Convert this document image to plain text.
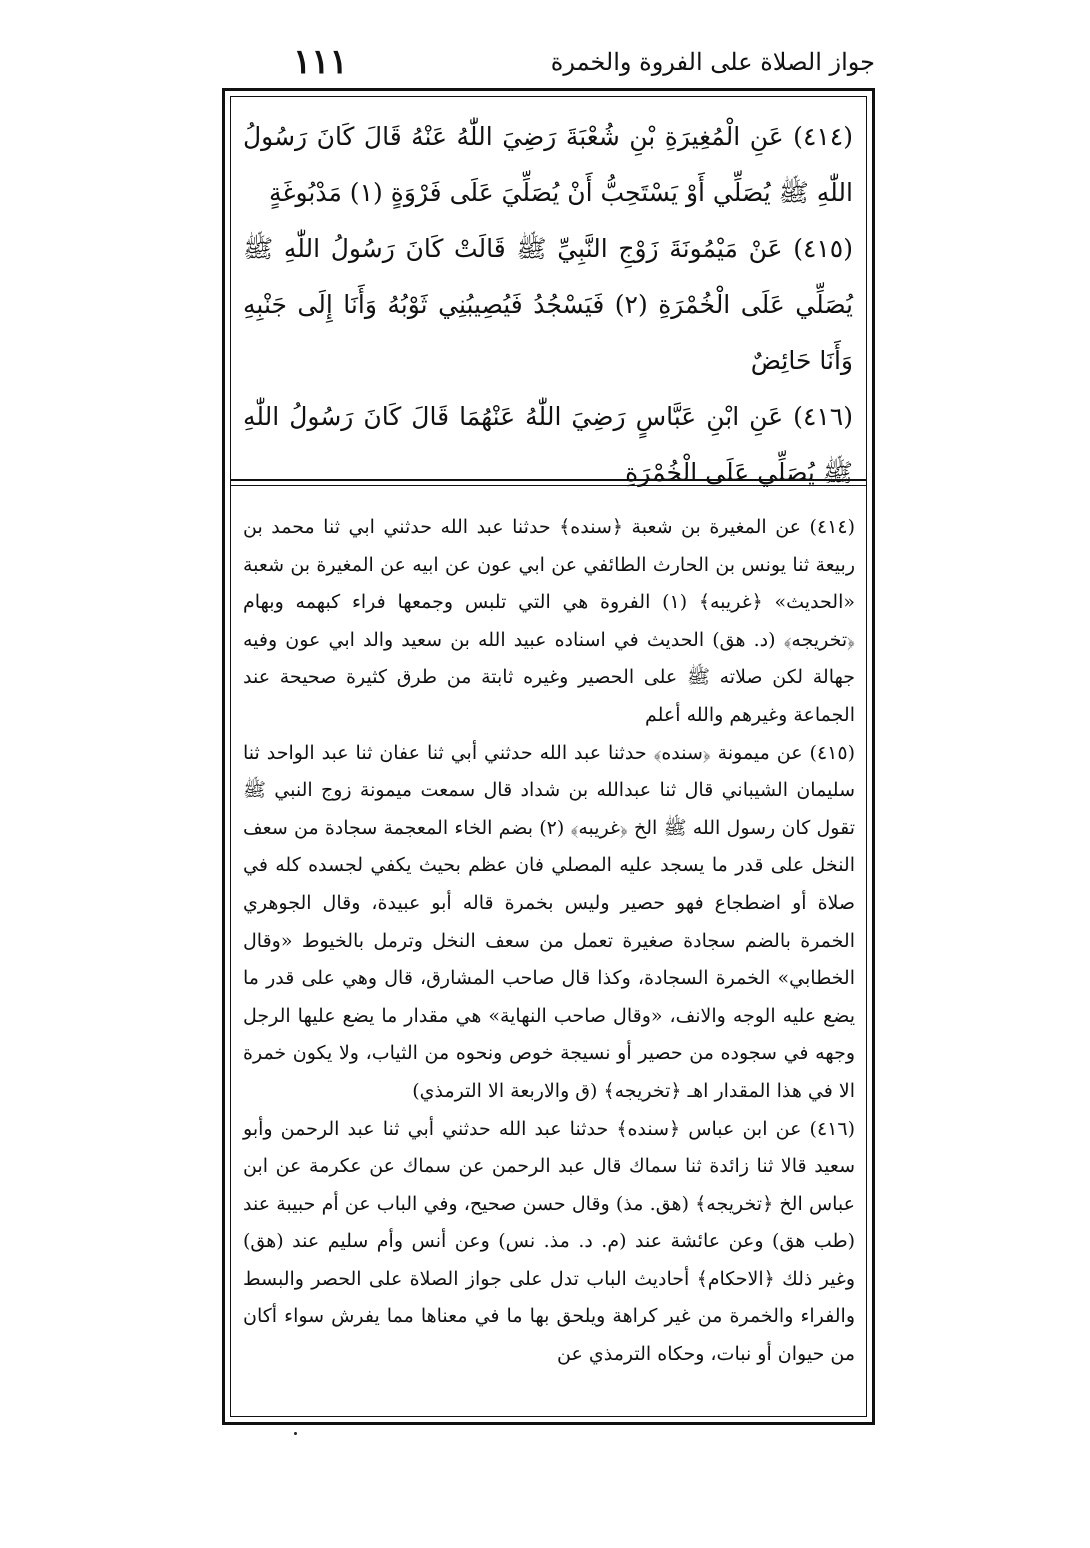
جواز الصلاة على الفروة والخمرة
١١١

(٤١٤) عَنِ الْمُغِيرَةِ بْنِ شُعْبَةَ رَضِيَ اللّٰهُ عَنْهُ قَالَ كَانَ رَسُولُ اللّٰهِ ﷺ يُصَلِّي أَوْ يَسْتَحِبُّ أَنْ يُصَلِّيَ عَلَى فَرْوَةٍ (١) مَدْبُوغَةٍ

(٤١٥) عَنْ مَيْمُونَةَ زَوْجِ النَّبِيِّ ﷺ قَالَتْ كَانَ رَسُولُ اللّٰهِ ﷺ يُصَلِّي عَلَى الْخُمْرَةِ (٢) فَيَسْجُدُ فَيُصِيبُنِي ثَوْبُهُ وَأَنَا إِلَى جَنْبِهِ وَأَنَا حَائِضٌ

(٤١٦) عَنِ ابْنِ عَبَّاسٍ رَضِيَ اللّٰهُ عَنْهُمَا قَالَ كَانَ رَسُولُ اللّٰهِ ﷺ يُصَلِّي عَلَى الْخُمْرَةِ

(٤١٤) عن المغيرة بن شعبة ﴿سنده﴾ حدثنا عبد الله حدثني ابي ثنا محمد بن ربيعة ثنا يونس بن الحارث الطائفي عن ابي عون عن ابيه عن المغيرة بن شعبة «الحديث» ﴿غريبه﴾ (١) الفروة هي التي تلبس وجمعها فراء كبهمه وبهام ﴿تخريجه﴾ (د. هق) الحديث في اسناده عبيد الله بن سعيد والد ابي عون وفيه جهالة لكن صلاته ﷺ على الحصير وغيره ثابتة من طرق كثيرة صحيحة عند الجماعة وغيرهم والله أعلم

(٤١٥) عن ميمونة ﴿سنده﴾ حدثنا عبد الله حدثني أبي ثنا عفان ثنا عبد الواحد ثنا سليمان الشيباني قال ثنا عبدالله بن شداد قال سمعت ميمونة زوج النبي ﷺ تقول كان رسول الله ﷺ الخ ﴿غريبه﴾ (٢) بضم الخاء المعجمة سجادة من سعف النخل على قدر ما يسجد عليه المصلي فان عظم بحيث يكفي لجسده كله في صلاة أو اضطجاع فهو حصير وليس بخمرة قاله أبو عبيدة، وقال الجوهري الخمرة بالضم سجادة صغيرة تعمل من سعف النخل وترمل بالخيوط «وقال الخطابي» الخمرة السجادة، وكذا قال صاحب المشارق، قال وهي على قدر ما يضع عليه الوجه والانف، «وقال صاحب النهاية» هي مقدار ما يضع عليها الرجل وجهه في سجوده من حصير أو نسيجة خوص ونحوه من الثياب، ولا يكون خمرة الا في هذا المقدار اهـ ﴿تخريجه﴾ (ق والاربعة الا الترمذي)

(٤١٦) عن ابن عباس ﴿سنده﴾ حدثنا عبد الله حدثني أبي ثنا عبد الرحمن وأبو سعيد قالا ثنا زائدة ثنا سماك قال عبد الرحمن عن سماك عن عكرمة عن ابن عباس الخ ﴿تخريجه﴾ (هق. مذ) وقال حسن صحيح، وفي الباب عن أم حبيبة عند (طب هق) وعن عائشة عند (م. د. مذ. نس) وعن أنس وأم سليم عند (هق) وغير ذلك ﴿الاحكام﴾ أحاديث الباب تدل على جواز الصلاة على الحصر والبسط والفراء والخمرة من غير كراهة ويلحق بها ما في معناها مما يفرش سواء أكان من حيوان أو نبات، وحكاه الترمذي عن
